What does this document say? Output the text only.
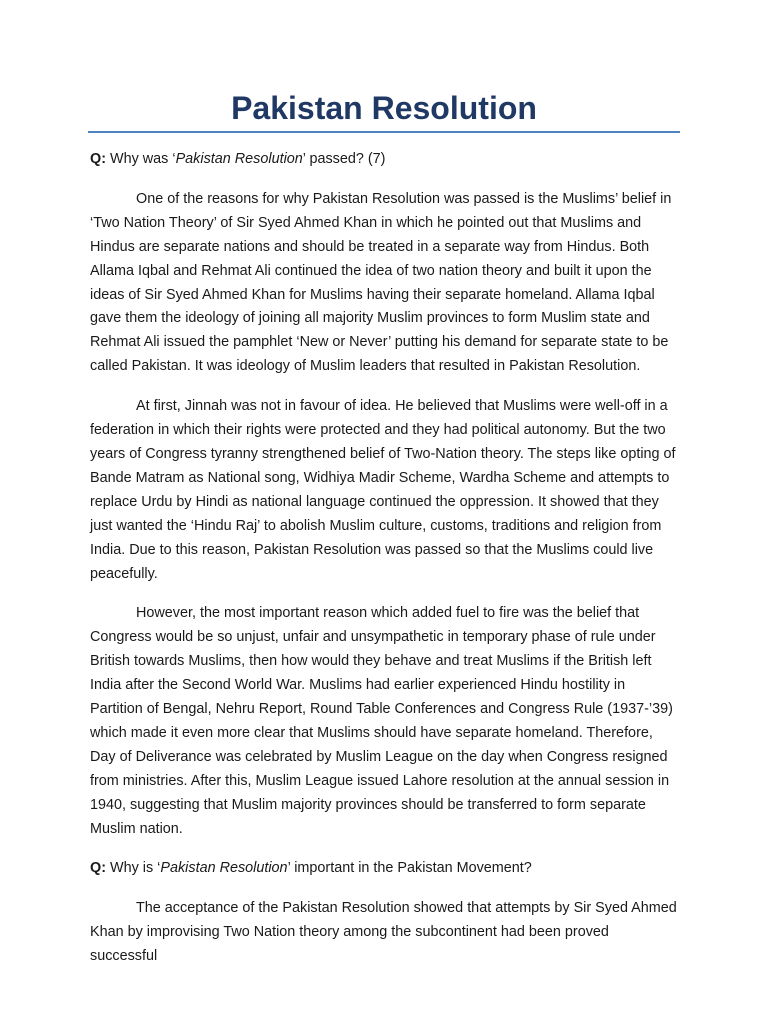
Pakistan Resolution

Q: Why was ‘Pakistan Resolution’ passed? (7)

One of the reasons for why Pakistan Resolution was passed is the Muslims’ belief in ‘Two Nation Theory’ of Sir Syed Ahmed Khan in which he pointed out that Muslims and Hindus are separate nations and should be treated in a separate way from Hindus. Both Allama Iqbal and Rehmat Ali continued the idea of two nation theory and built it upon the ideas of Sir Syed Ahmed Khan for Muslims having their separate homeland. Allama Iqbal gave them the ideology of joining all majority Muslim provinces to form Muslim state and Rehmat Ali issued the pamphlet ‘New or Never’ putting his demand for separate state to be called Pakistan. It was ideology of Muslim leaders that resulted in Pakistan Resolution.

At first, Jinnah was not in favour of idea. He believed that Muslims were well-off in a federation in which their rights were protected and they had political autonomy. But the two years of Congress tyranny strengthened belief of Two-Nation theory. The steps like opting of Bande Matram as National song, Widhiya Madir Scheme, Wardha Scheme and attempts to replace Urdu by Hindi as national language continued the oppression. It showed that they just wanted the ‘Hindu Raj’ to abolish Muslim culture, customs, traditions and religion from India. Due to this reason, Pakistan Resolution was passed so that the Muslims could live peacefully.

However, the most important reason which added fuel to fire was the belief that Congress would be so unjust, unfair and unsympathetic in temporary phase of rule under British towards Muslims, then how would they behave and treat Muslims if the British left India after the Second World War. Muslims had earlier experienced Hindu hostility in Partition of Bengal, Nehru Report, Round Table Conferences and Congress Rule (1937-’39) which made it even more clear that Muslims should have separate homeland. Therefore, Day of Deliverance was celebrated by Muslim League on the day when Congress resigned from ministries. After this, Muslim League issued Lahore resolution at the annual session in 1940, suggesting that Muslim majority provinces should be transferred to form separate Muslim nation.

Q: Why is ‘Pakistan Resolution’ important in the Pakistan Movement?

The acceptance of the Pakistan Resolution showed that attempts by Sir Syed Ahmed Khan by improvising Two Nation theory among the subcontinent had been proved successful
